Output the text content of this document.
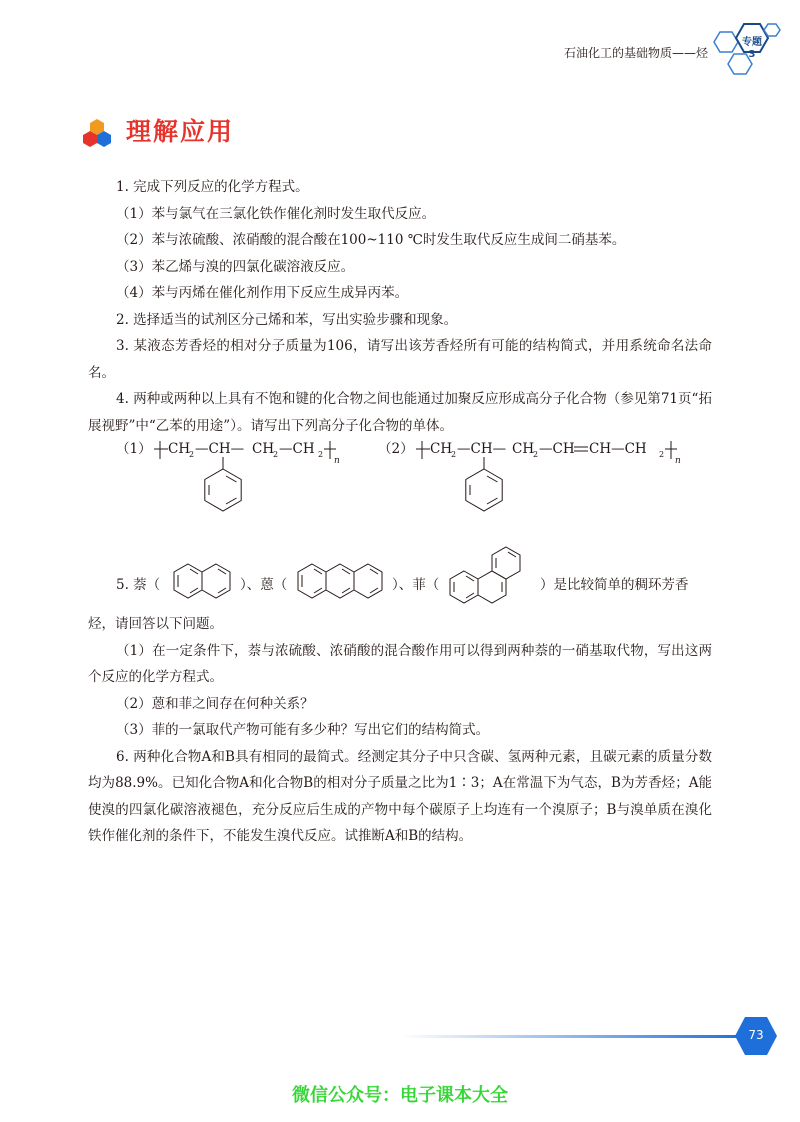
石油化工的基础物质——烃
专题
3
理解应用

1. 完成下列反应的化学方程式。

（1）苯与氯气在三氯化铁作催化剂时发生取代反应。

（2）苯与浓硫酸、浓硝酸的混合酸在100~110 ℃时发生取代反应生成间二硝基苯。

（3）苯乙烯与溴的四氯化碳溶液反应。

（4）苯与丙烯在催化剂作用下反应生成异丙苯。

2. 选择适当的试剂区分己烯和苯，写出实验步骤和现象。

3. 某液态芳香烃的相对分子质量为106，请写出该芳香烃所有可能的结构简式，并用系统命名法命名。

4. 两种或两种以上具有不饱和键的化合物之间也能通过加聚反应形成高分子化合物（参见第71页“拓展视野”中“乙苯的用途”）。请写出下列高分子化合物的单体。

（1） CH
2 —CH— CH
2 —CH 2
n
（2） CH
2 —CH— CH
2 —CH CH—CH 2
n
5. 萘（	）、蒽（	）、菲（	）是比较简单的稠环芳香

烃，请回答以下问题。

（1）在一定条件下，萘与浓硫酸、浓硝酸的混合酸作用可以得到两种萘的一硝基取代物，写出这两个反应的化学方程式。

（2）蒽和菲之间存在何种关系？

（3）菲的一氯取代产物可能有多少种？写出它们的结构简式。

6. 两种化合物A和B具有相同的最简式。经测定其分子中只含碳、氢两种元素，且碳元素的质量分数均为88.9%。已知化合物A和化合物B的相对分子质量之比为1∶3；A在常温下为气态，B为芳香烃；A能使溴的四氯化碳溶液褪色，充分反应后生成的产物中每个碳原子上均连有一个溴原子；B与溴单质在溴化铁作催化剂的条件下，不能发生溴代反应。试推断A和B的结构。

73
微信公众号：电子课本大全
